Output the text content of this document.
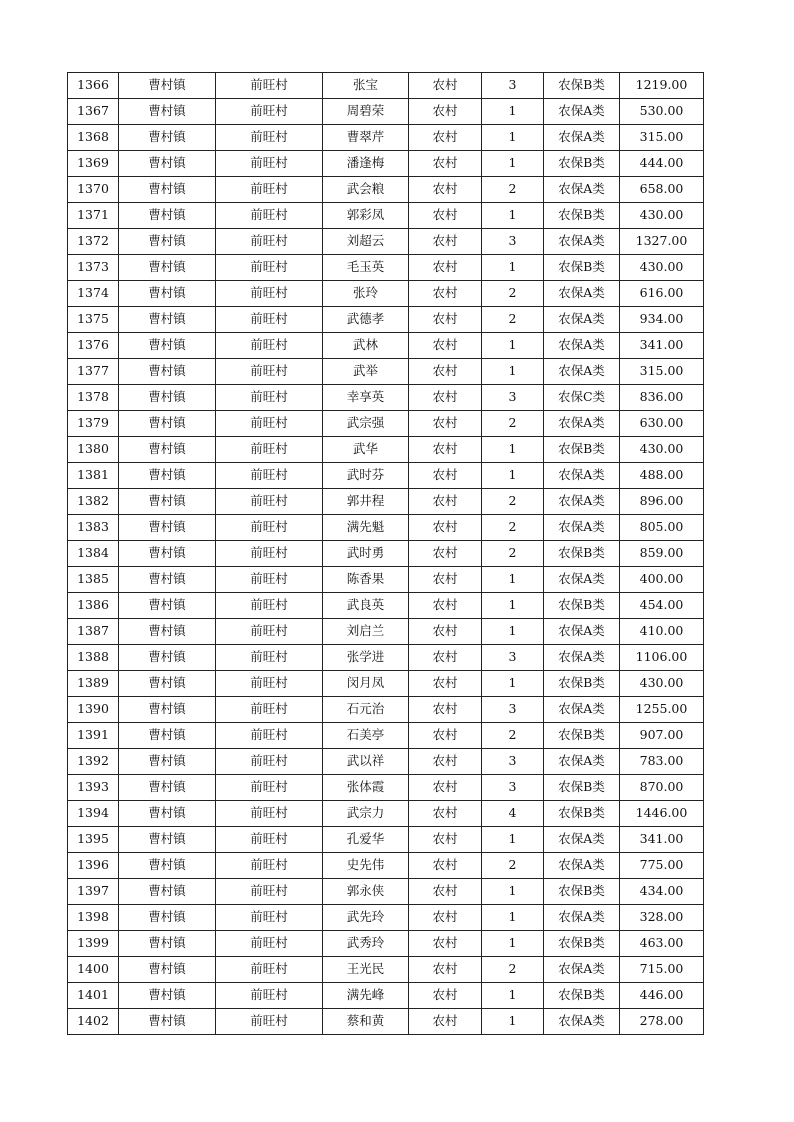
1366	曹村镇	前旺村	张宝	农村	3	农保B类	1219.00
1367	曹村镇	前旺村	周碧荣	农村	1	农保A类	530.00
1368	曹村镇	前旺村	曹翠芹	农村	1	农保A类	315.00
1369	曹村镇	前旺村	潘逢梅	农村	1	农保B类	444.00
1370	曹村镇	前旺村	武会粮	农村	2	农保A类	658.00
1371	曹村镇	前旺村	郭彩凤	农村	1	农保B类	430.00
1372	曹村镇	前旺村	刘超云	农村	3	农保A类	1327.00
1373	曹村镇	前旺村	毛玉英	农村	1	农保B类	430.00
1374	曹村镇	前旺村	张玲	农村	2	农保A类	616.00
1375	曹村镇	前旺村	武德孝	农村	2	农保A类	934.00
1376	曹村镇	前旺村	武林	农村	1	农保A类	341.00
1377	曹村镇	前旺村	武举	农村	1	农保A类	315.00
1378	曹村镇	前旺村	幸享英	农村	3	农保C类	836.00
1379	曹村镇	前旺村	武宗强	农村	2	农保A类	630.00
1380	曹村镇	前旺村	武华	农村	1	农保B类	430.00
1381	曹村镇	前旺村	武时芬	农村	1	农保A类	488.00
1382	曹村镇	前旺村	郭井程	农村	2	农保A类	896.00
1383	曹村镇	前旺村	满先魁	农村	2	农保A类	805.00
1384	曹村镇	前旺村	武时勇	农村	2	农保B类	859.00
1385	曹村镇	前旺村	陈香果	农村	1	农保A类	400.00
1386	曹村镇	前旺村	武良英	农村	1	农保B类	454.00
1387	曹村镇	前旺村	刘启兰	农村	1	农保A类	410.00
1388	曹村镇	前旺村	张学进	农村	3	农保A类	1106.00
1389	曹村镇	前旺村	闵月凤	农村	1	农保B类	430.00
1390	曹村镇	前旺村	石元治	农村	3	农保A类	1255.00
1391	曹村镇	前旺村	石美亭	农村	2	农保B类	907.00
1392	曹村镇	前旺村	武以祥	农村	3	农保A类	783.00
1393	曹村镇	前旺村	张体霞	农村	3	农保B类	870.00
1394	曹村镇	前旺村	武宗力	农村	4	农保B类	1446.00
1395	曹村镇	前旺村	孔爱华	农村	1	农保A类	341.00
1396	曹村镇	前旺村	史先伟	农村	2	农保A类	775.00
1397	曹村镇	前旺村	郭永侠	农村	1	农保B类	434.00
1398	曹村镇	前旺村	武先玲	农村	1	农保A类	328.00
1399	曹村镇	前旺村	武秀玲	农村	1	农保B类	463.00
1400	曹村镇	前旺村	王光民	农村	2	农保A类	715.00
1401	曹村镇	前旺村	满先峰	农村	1	农保B类	446.00
1402	曹村镇	前旺村	蔡和黄	农村	1	农保A类	278.00
